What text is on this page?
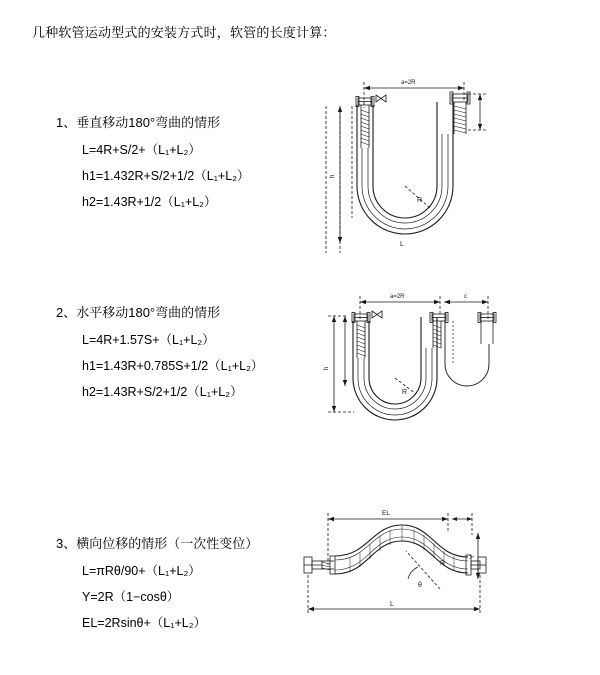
几种软管运动型式的安装方式时，软管的长度计算：
1、垂直移动180°弯曲的情形
L=4R+S/2+（L₁+L₂）
h1=1.432R+S/2+1/2（L₁+L₂）
h2=1.43R+1/2（L₁+L₂）
a=2R
R
h
L
2、水平移动180°弯曲的情形
L=4R+1.57S+（L₁+L₂）
h1=1.43R+0.785S+1/2（L₁+L₂）
h2=1.43R+S/2+1/2（L₁+L₂）
a=2R	c
R
h
3、横向位移的情形（一次性变位）
L=πRθ/90+（L₁+L₂）
Y=2R（1−cosθ）
EL=2Rsinθ+（L₁+L₂）
EL
θ
R
Y
L
